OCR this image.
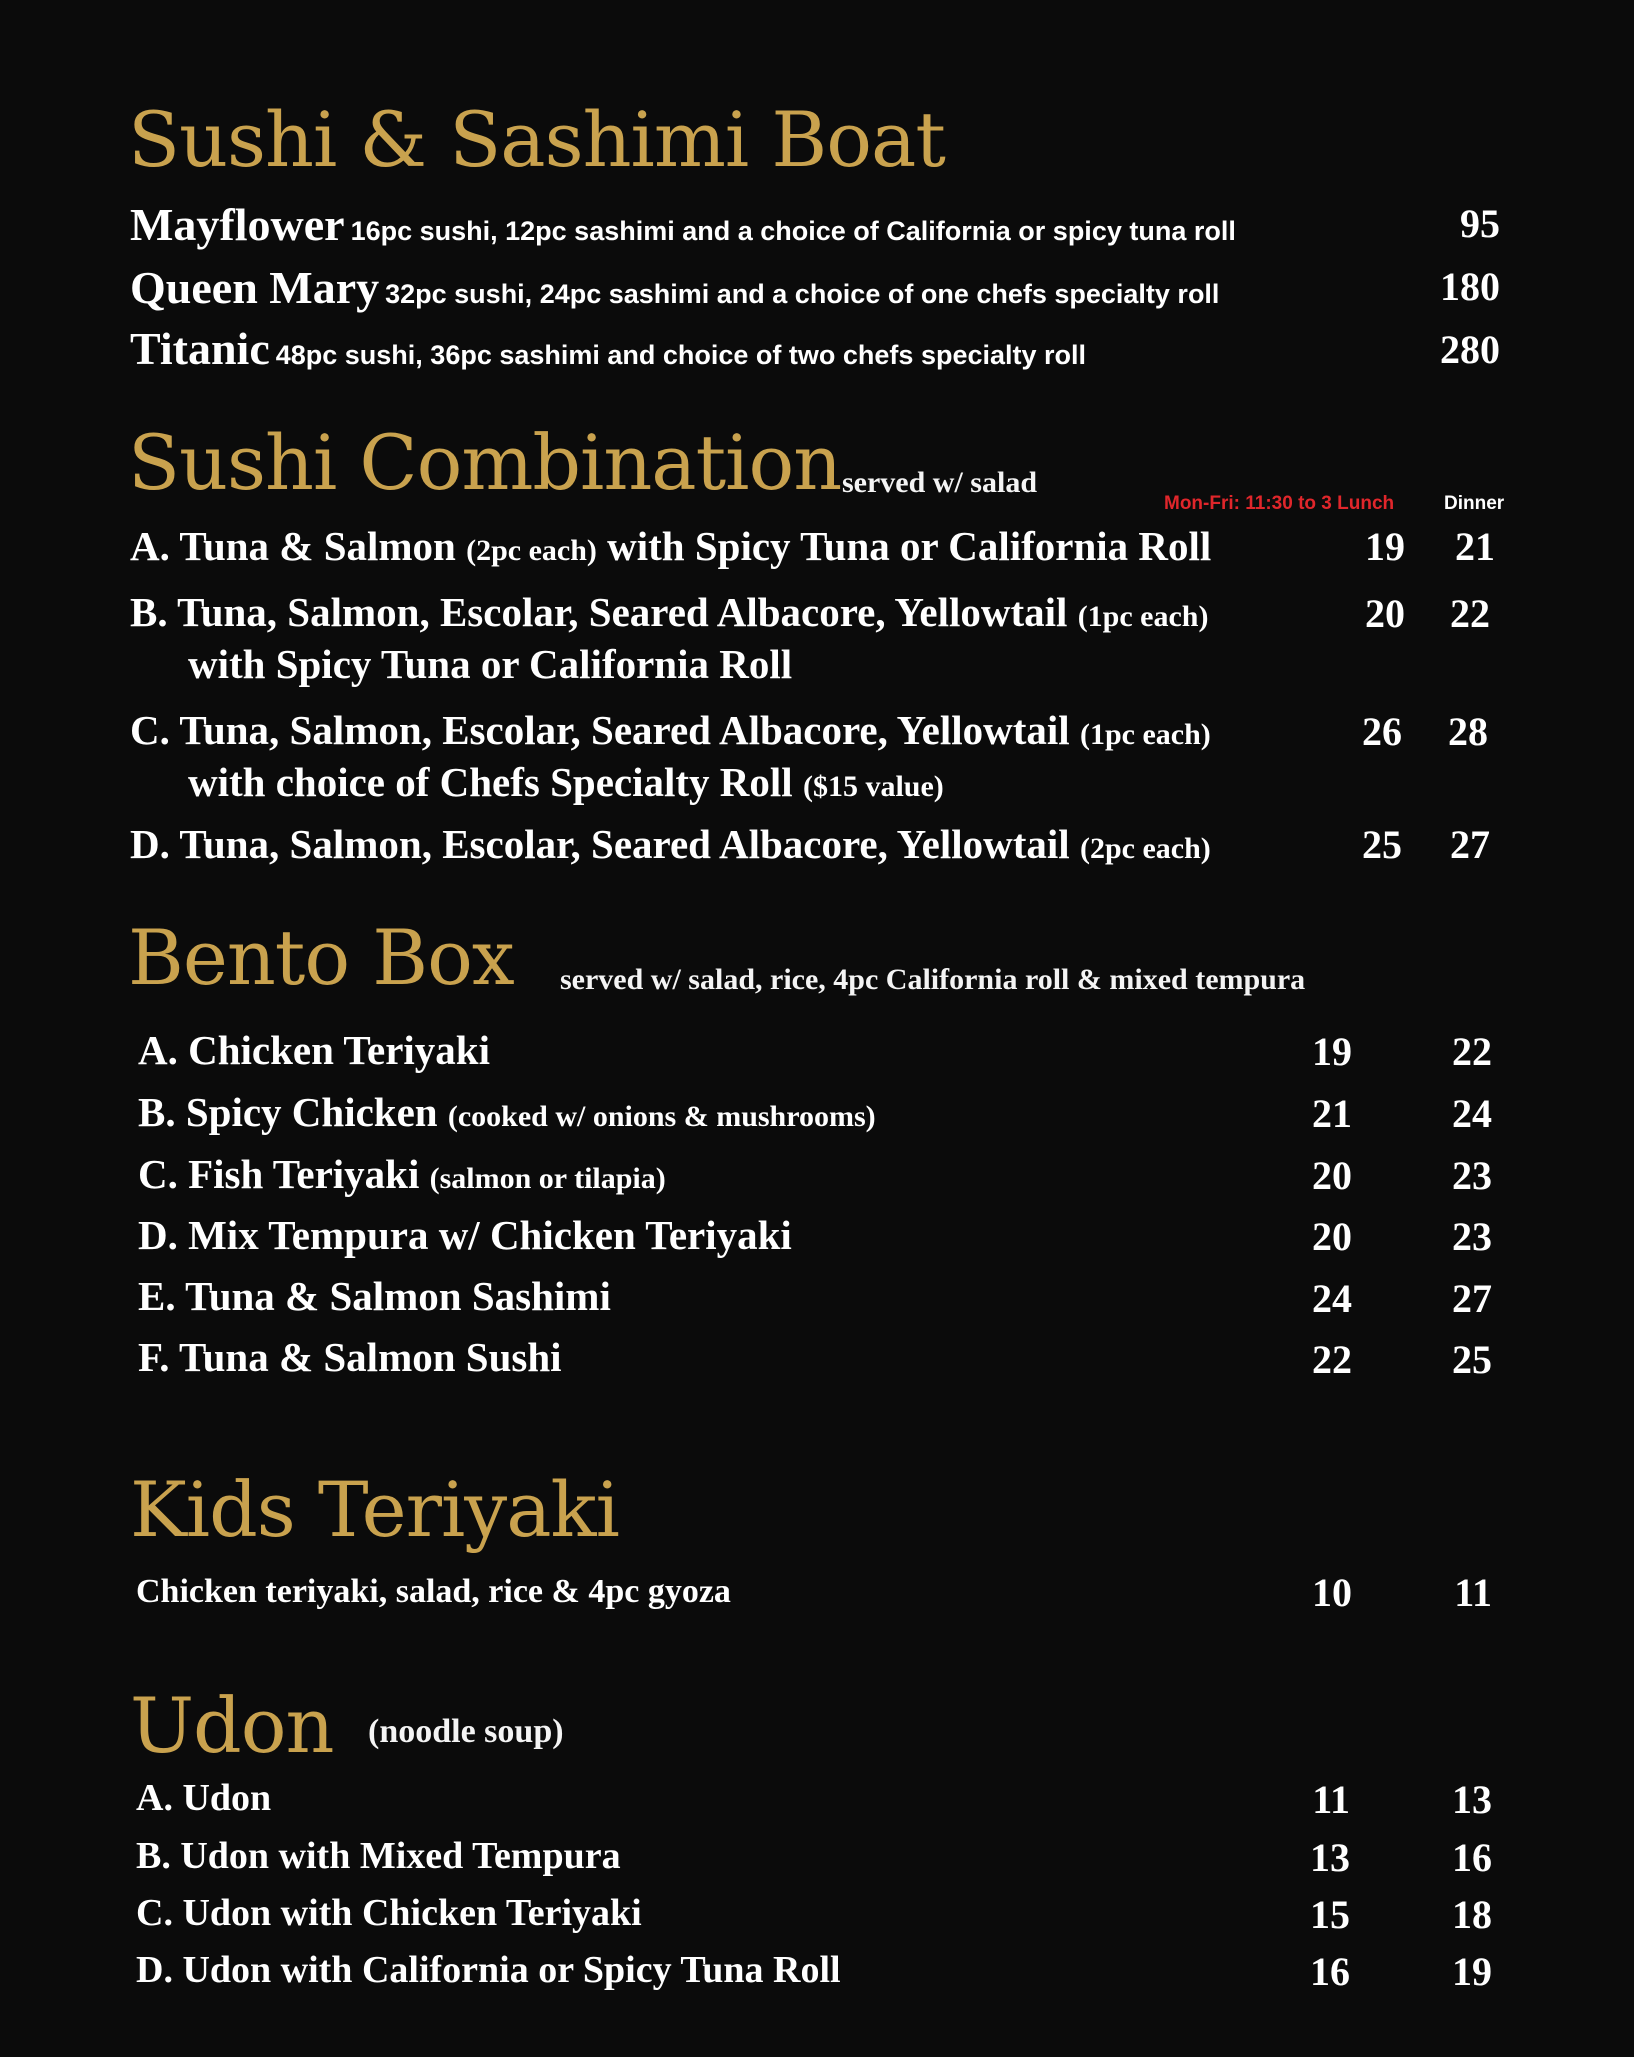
Sushi & Sashimi Boat
Mayflower 16pc sushi, 12pc sashimi and a choice of California or spicy tuna roll	95
Queen Mary 32pc sushi, 24pc sashimi and a choice of one chefs specialty roll	180
Titanic 48pc sushi, 36pc sashimi and choice of two chefs specialty roll	280
Sushi Combination served w/ salad
Mon-Fri: 11:30 to 3 Lunch	Dinner
A. Tuna & Salmon (2pc each) with Spicy Tuna or California Roll	19	21
B. Tuna, Salmon, Escolar, Seared Albacore, Yellowtail (1pc each)
with Spicy Tuna or California Roll
20	22
C. Tuna, Salmon, Escolar, Seared Albacore, Yellowtail (1pc each)
with choice of Chefs Specialty Roll ($15 value)
26	28
D. Tuna, Salmon, Escolar, Seared Albacore, Yellowtail (2pc each)	25	27
Bento Box served w/ salad, rice, 4pc California roll & mixed tempura
A. Chicken Teriyaki	19	22
B. Spicy Chicken (cooked w/ onions & mushrooms)	21	24
C. Fish Teriyaki (salmon or tilapia)	20	23
D. Mix Tempura w/ Chicken Teriyaki	20	23
E. Tuna & Salmon Sashimi	24	27
F. Tuna & Salmon Sushi	22	25
Kids Teriyaki
Chicken teriyaki, salad, rice & 4pc gyoza	10	11
Udon (noodle soup)
A. Udon	11	13
B. Udon with Mixed Tempura	13	16
C. Udon with Chicken Teriyaki	15	18
D. Udon with California or Spicy Tuna Roll	16	19
